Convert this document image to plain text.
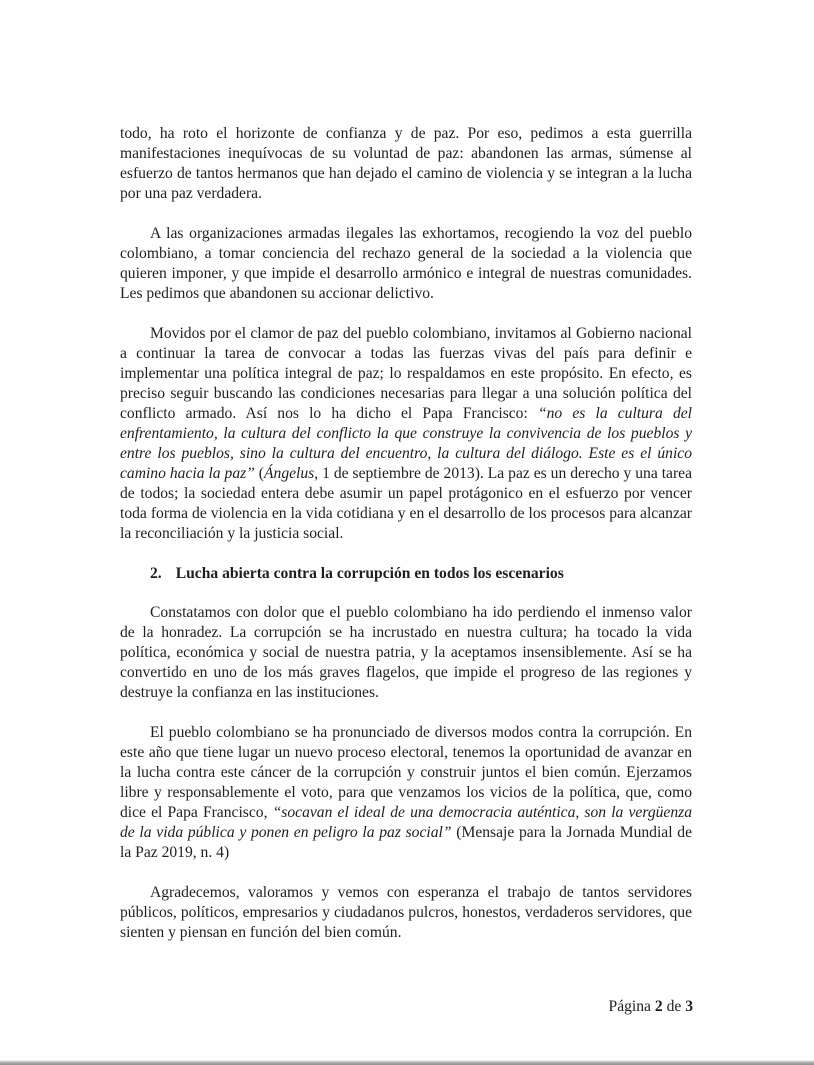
todo, ha roto el horizonte de confianza y de paz. Por eso, pedimos a esta guerrilla manifestaciones inequívocas de su voluntad de paz: abandonen las armas, súmense al esfuerzo de tantos hermanos que han dejado el camino de violencia y se integran a la lucha por una paz verdadera.

A las organizaciones armadas ilegales las exhortamos, recogiendo la voz del pueblo colombiano, a tomar conciencia del rechazo general de la sociedad a la violencia que quieren imponer, y que impide el desarrollo armónico e integral de nuestras comunidades. Les pedimos que abandonen su accionar delictivo.

Movidos por el clamor de paz del pueblo colombiano, invitamos al Gobierno nacional a continuar la tarea de convocar a todas las fuerzas vivas del país para definir e implementar una política integral de paz; lo respaldamos en este propósito. En efecto, es preciso seguir buscando las condiciones necesarias para llegar a una solución política del conflicto armado. Así nos lo ha dicho el Papa Francisco: “no es la cultura del enfrentamiento, la cultura del conflicto la que construye la convivencia de los pueblos y entre los pueblos, sino la cultura del encuentro, la cultura del diálogo. Este es el único camino hacia la paz” (Ángelus, 1 de septiembre de 2013). La paz es un derecho y una tarea de todos; la sociedad entera debe asumir un papel protágonico en el esfuerzo por vencer toda forma de violencia en la vida cotidiana y en el desarrollo de los procesos para alcanzar la reconciliación y la justicia social.

2. Lucha abierta contra la corrupción en todos los escenarios

Constatamos con dolor que el pueblo colombiano ha ido perdiendo el inmenso valor de la honradez. La corrupción se ha incrustado en nuestra cultura; ha tocado la vida política, económica y social de nuestra patria, y la aceptamos insensiblemente. Así se ha convertido en uno de los más graves flagelos, que impide el progreso de las regiones y destruye la confianza en las instituciones.

El pueblo colombiano se ha pronunciado de diversos modos contra la corrupción. En este año que tiene lugar un nuevo proceso electoral, tenemos la oportunidad de avanzar en la lucha contra este cáncer de la corrupción y construir juntos el bien común. Ejerzamos libre y responsablemente el voto, para que venzamos los vicios de la política, que, como dice el Papa Francisco, “socavan el ideal de una democracia auténtica, son la vergüenza de la vida pública y ponen en peligro la paz social” (Mensaje para la Jornada Mundial de la Paz 2019, n. 4)

Agradecemos, valoramos y vemos con esperanza el trabajo de tantos servidores públicos, políticos, empresarios y ciudadanos pulcros, honestos, verdaderos servidores, que sienten y piensan en función del bien común.

Página 2 de 3
